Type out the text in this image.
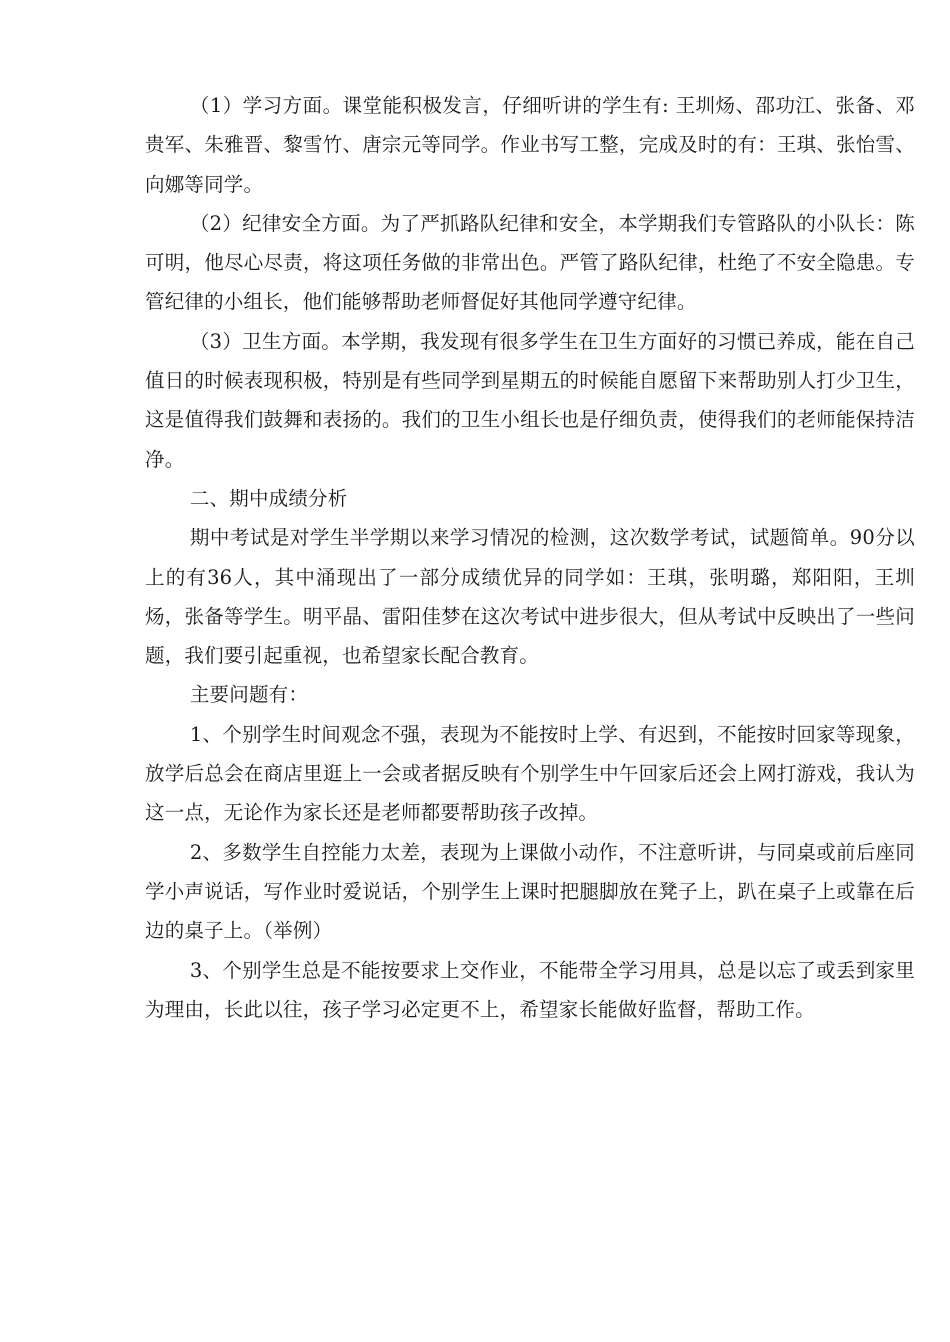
（1）学习方面。课堂能积极发言，仔细听讲的学生有: 王圳炀、邵功江、张备、邓贵军、朱雅晋、黎雪竹、唐宗元等同学。作业书写工整，完成及时的有：王琪、张怡雪、向娜等同学。

（2）纪律安全方面。为了严抓路队纪律和安全，本学期我们专管路队的小队长：陈可明，他尽心尽责，将这项任务做的非常出色。严管了路队纪律，杜绝了不安全隐患。专管纪律的小组长，他们能够帮助老师督促好其他同学遵守纪律。

（3）卫生方面。本学期，我发现有很多学生在卫生方面好的习惯已养成，能在自己值日的时候表现积极，特别是有些同学到星期五的时候能自愿留下来帮助别人打少卫生，这是值得我们鼓舞和表扬的。我们的卫生小组长也是仔细负责，使得我们的老师能保持洁净。

二、期中成绩分析

期中考试是对学生半学期以来学习情况的检测，这次数学考试，试题简单。90分以上的有36人，其中涌现出了一部分成绩优异的同学如：王琪，张明璐，郑阳阳，王圳炀，张备等学生。明平晶、雷阳佳梦在这次考试中进步很大，但从考试中反映出了一些问题，我们要引起重视，也希望家长配合教育。

主要问题有：

1、个别学生时间观念不强，表现为不能按时上学、有迟到，不能按时回家等现象，放学后总会在商店里逛上一会或者据反映有个别学生中午回家后还会上网打游戏，我认为这一点，无论作为家长还是老师都要帮助孩子改掉。

2、多数学生自控能力太差，表现为上课做小动作，不注意听讲，与同桌或前后座同学小声说话，写作业时爱说话，个别学生上课时把腿脚放在凳子上，趴在桌子上或靠在后边的桌子上。（举例）

3、个别学生总是不能按要求上交作业，不能带全学习用具，总是以忘了或丢到家里为理由，长此以往，孩子学习必定更不上，希望家长能做好监督，帮助工作。
